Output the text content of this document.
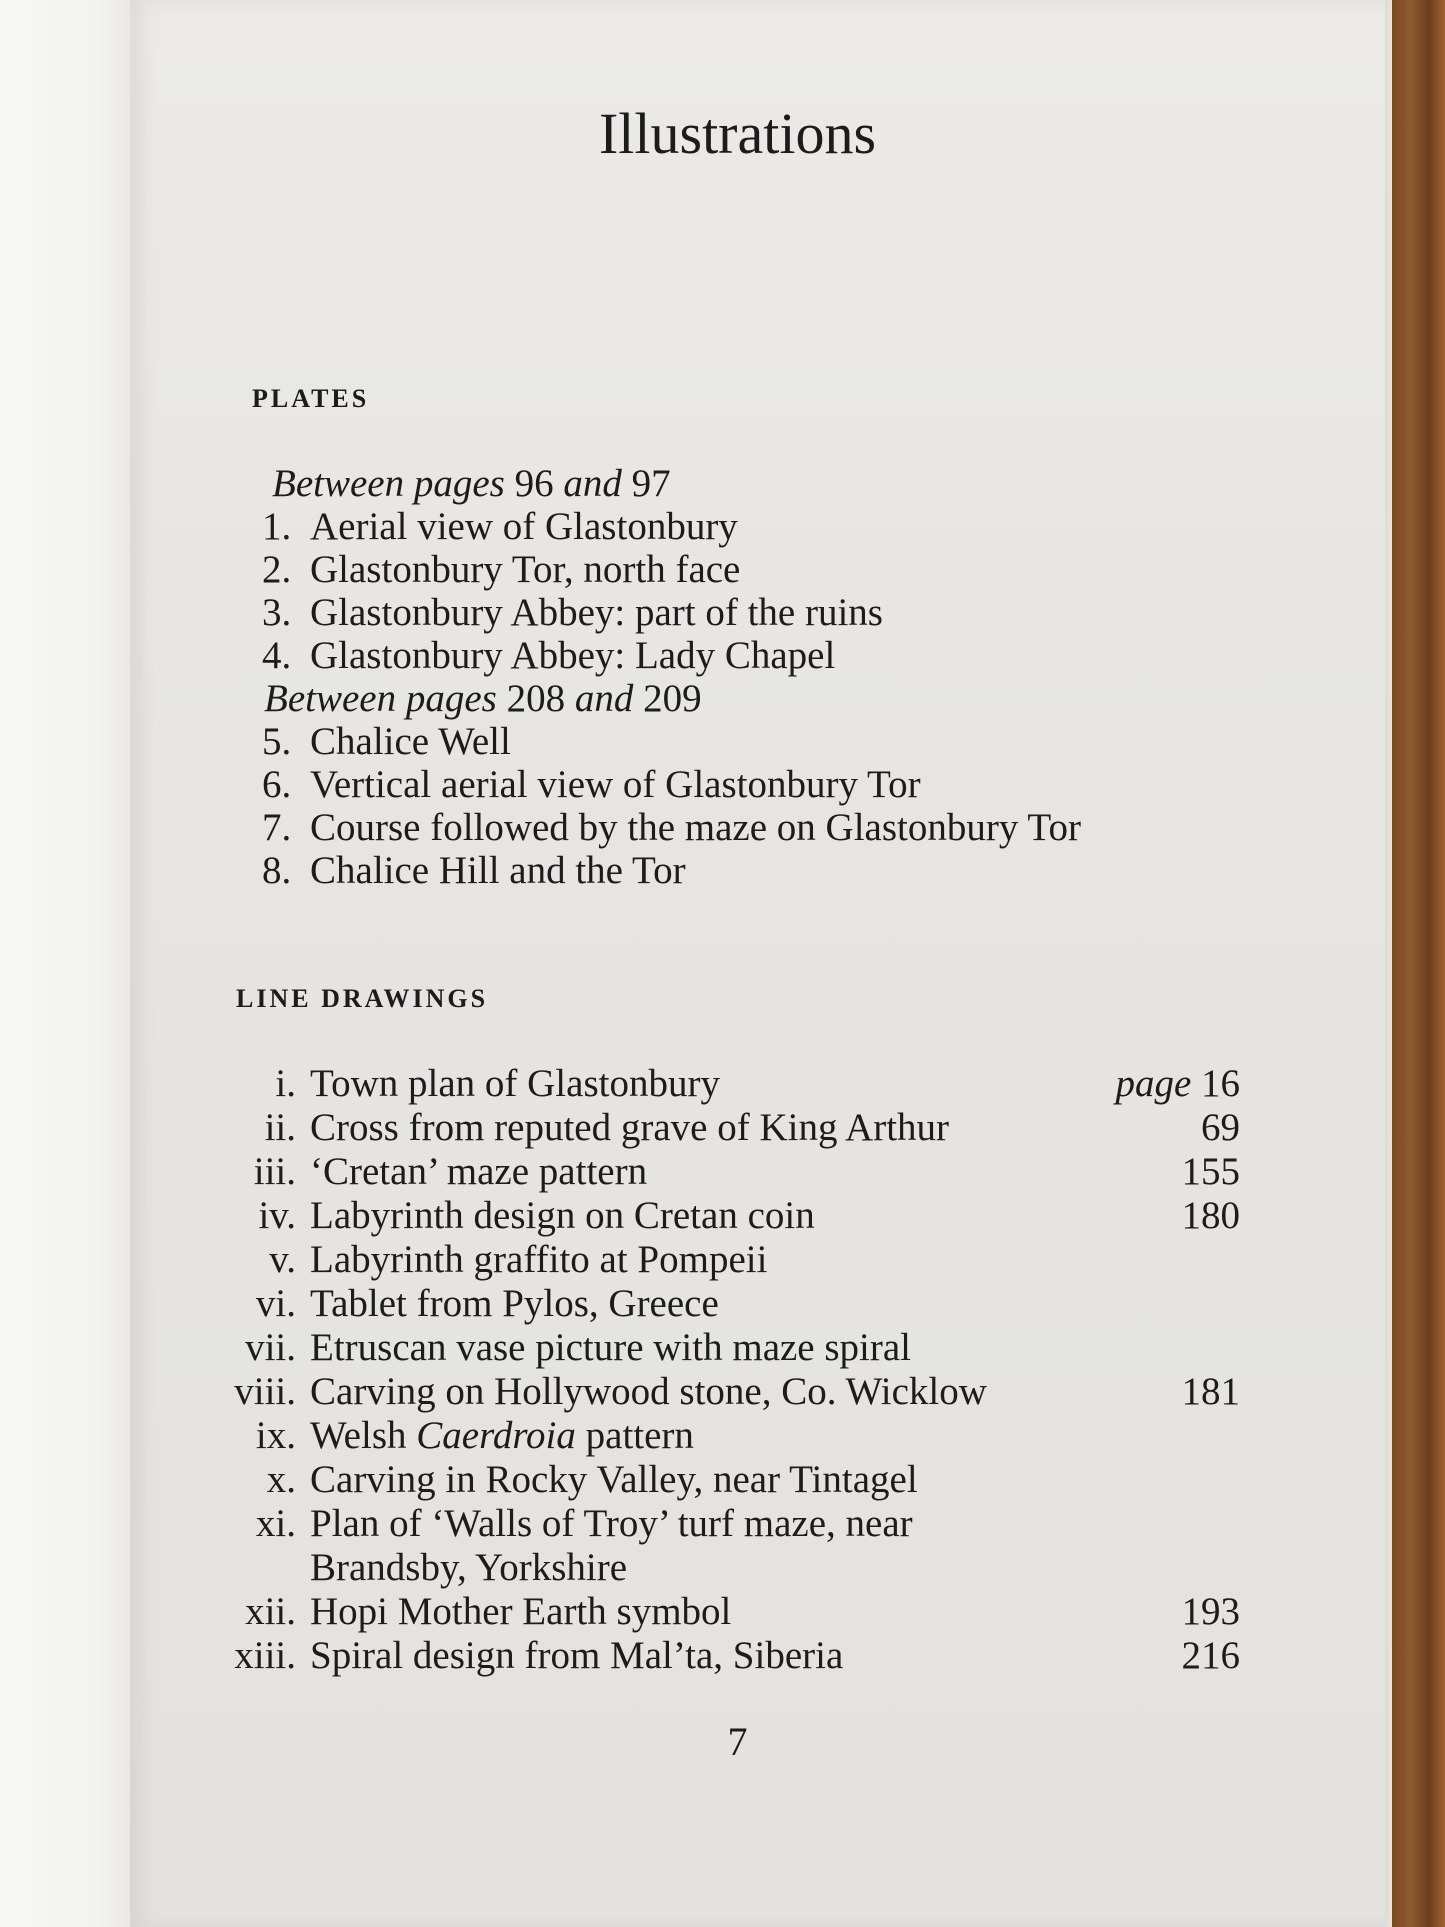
Illustrations
PLATES
Between pages 96 and 97
1. Aerial view of Glastonbury
2. Glastonbury Tor, north face
3. Glastonbury Abbey: part of the ruins
4. Glastonbury Abbey: Lady Chapel
Between pages 208 and 209
5. Chalice Well
6. Vertical aerial view of Glastonbury Tor
7. Course followed by the maze on Glastonbury Tor
8. Chalice Hill and the Tor
LINE DRAWINGS
i. Town plan of Glastonbury	page 16
ii. Cross from reputed grave of King Arthur	69
iii. ‘Cretan’ maze pattern	155
iv. Labyrinth design on Cretan coin	180
v. Labyrinth graffito at Pompeii
vi. Tablet from Pylos, Greece
vii. Etruscan vase picture with maze spiral
viii. Carving on Hollywood stone, Co. Wicklow	181
ix. Welsh Caerdroia pattern
x. Carving in Rocky Valley, near Tintagel
xi. Plan of ‘Walls of Troy’ turf maze, near
Brandsby, Yorkshire
xii. Hopi Mother Earth symbol	193
xiii. Spiral design from Mal’ta, Siberia	216
7
